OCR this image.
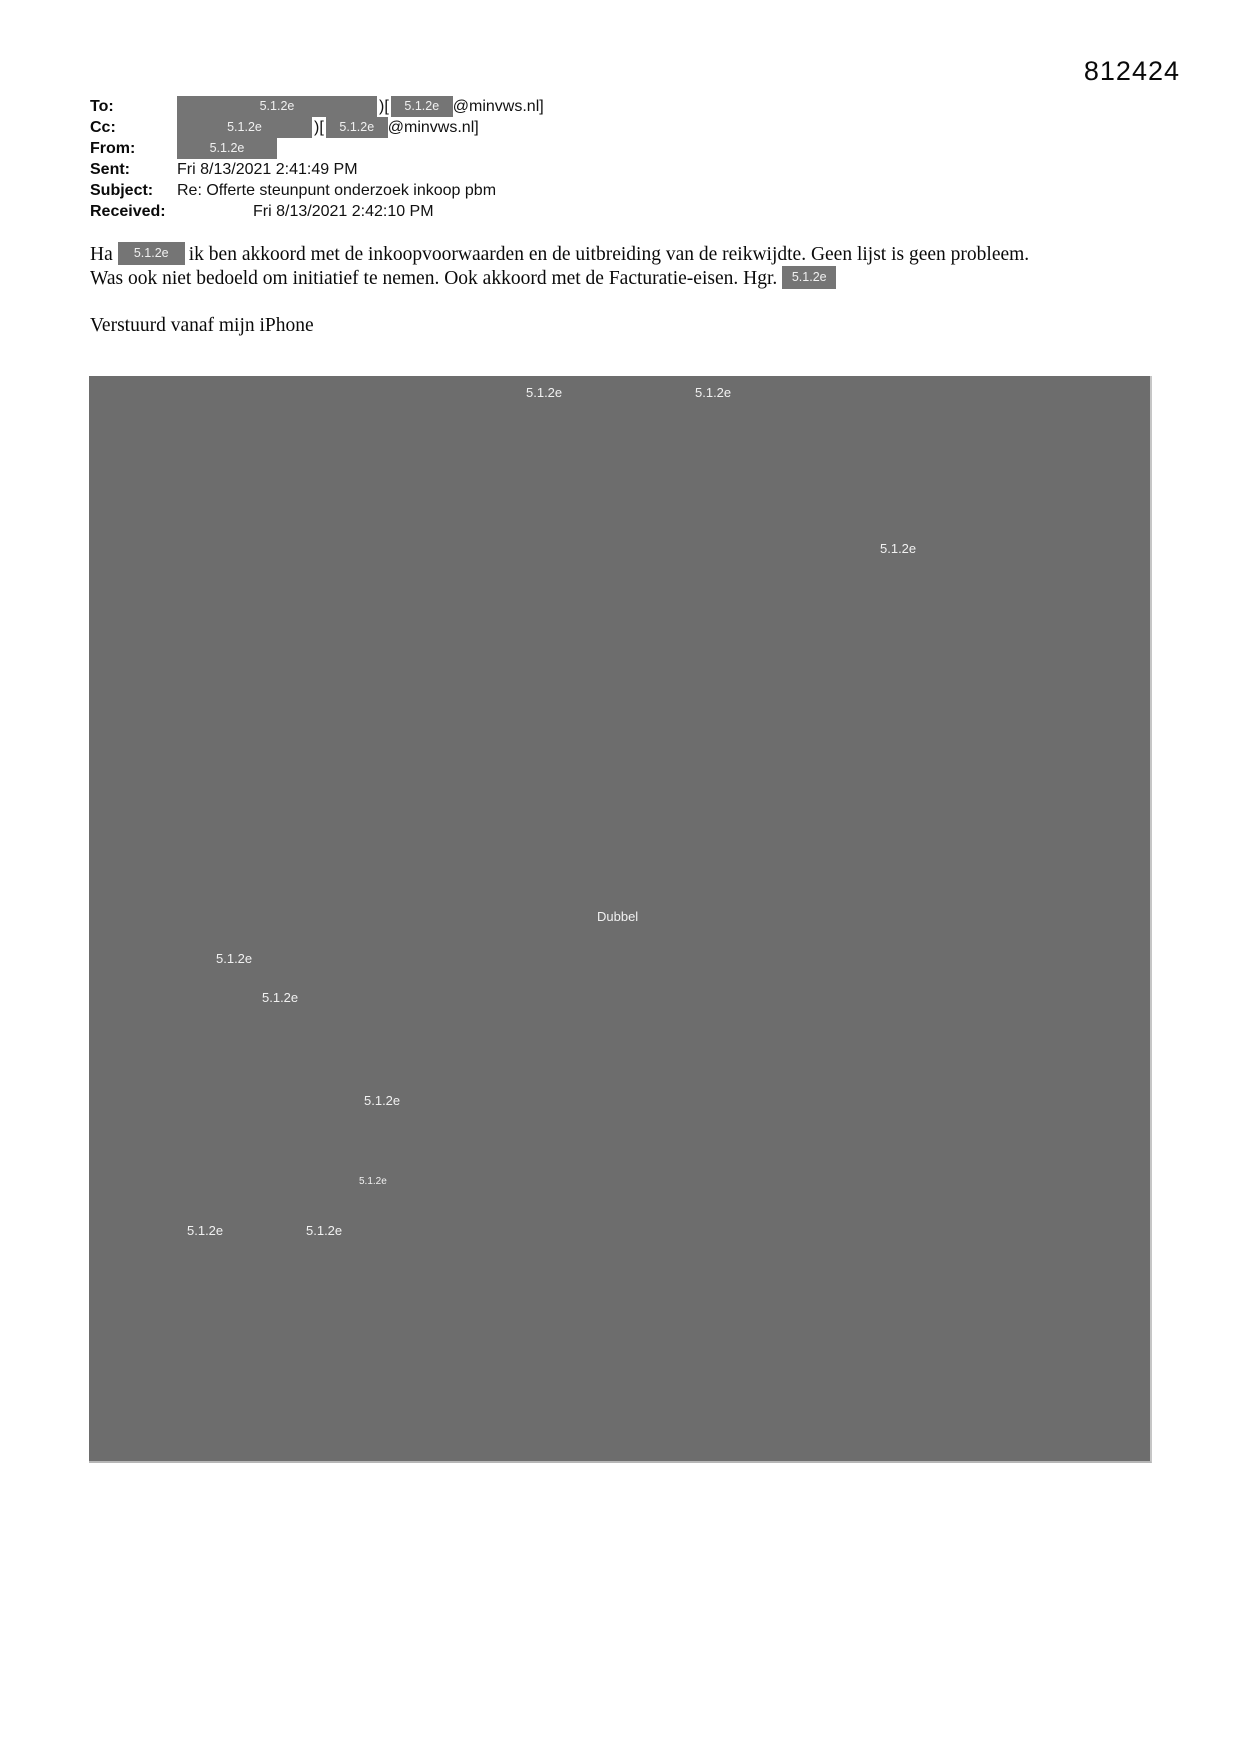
812424
To:	5.1.2e	)[	5.1.2e @minvws.nl]
Cc:	5.1.2e	)[	5.1.2e @minvws.nl]
From:	5.1.2e
Sent:	Fri 8/13/2021 2:41:49 PM
Subject:	Re: Offerte steunpunt onderzoek inkoop pbm
Received:	Fri 8/13/2021 2:42:10 PM
Ha 5.1.2e ik ben akkoord met de inkoopvoorwaarden en de uitbreiding van de reikwijdte. Geen lijst is geen probleem.
Was ook niet bedoeld om initiatief te nemen. Ook akkoord met de Facturatie-eisen. Hgr. 5.1.2e
Verstuurd vanaf mijn iPhone
5.1.2e	5.1.2e
5.1.2e
Dubbel
5.1.2e
5.1.2e
5.1.2e
5.1.2e
5.1.2e	5.1.2e
